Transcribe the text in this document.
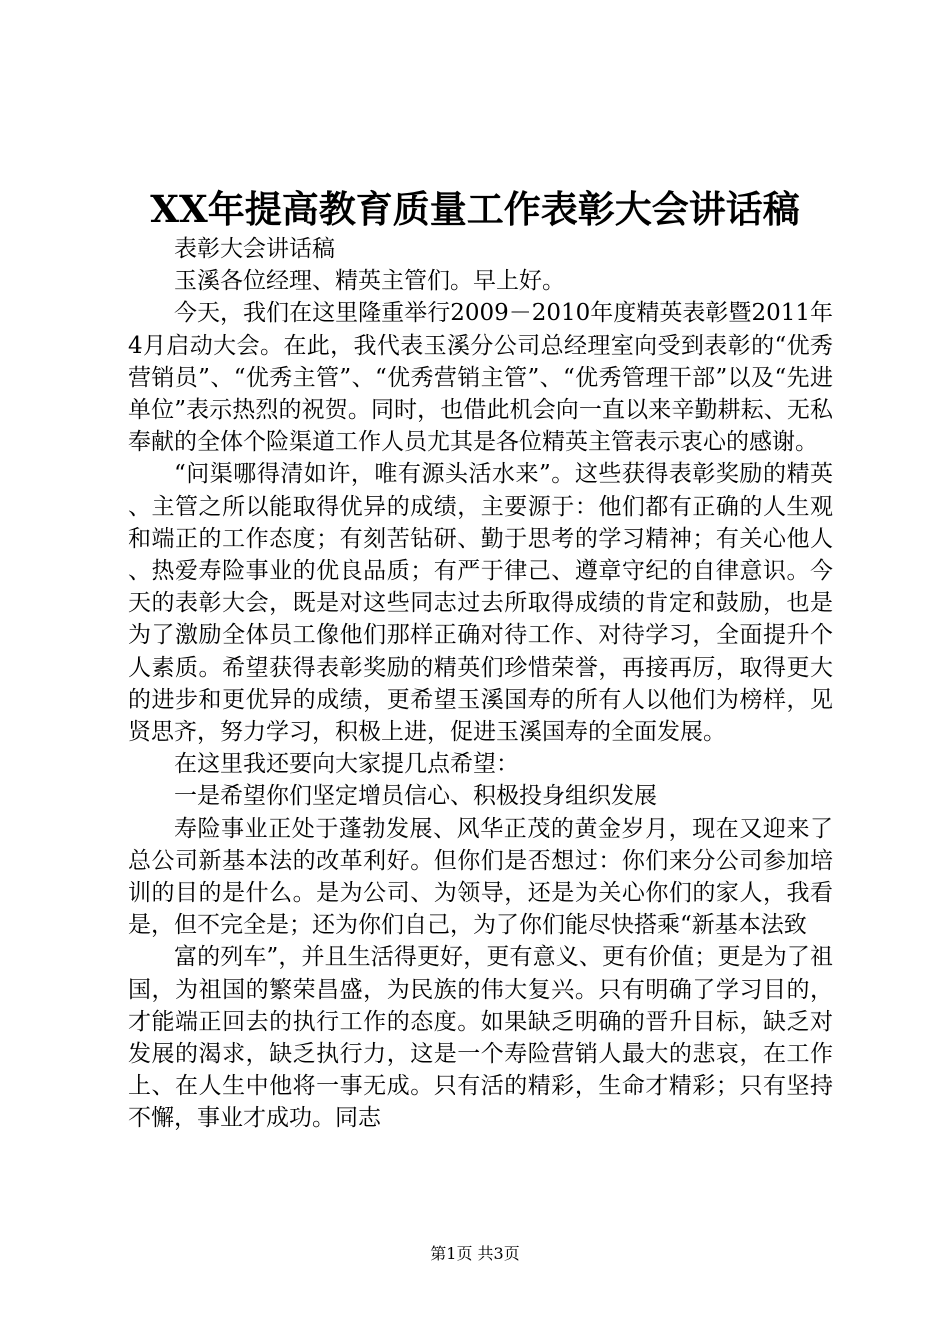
XX年提高教育质量工作表彰大会讲话稿

表彰大会讲话稿

玉溪各位经理、精英主管们。早上好。

今天，我们在这里隆重举行2009－2010年度精英表彰暨2011年4月启动大会。在此，我代表玉溪分公司总经理室向受到表彰的“优秀营销员”、“优秀主管”、“优秀营销主管”、“优秀管理干部”以及“先进单位”表示热烈的祝贺。同时，也借此机会向一直以来辛勤耕耘、无私奉献的全体个险渠道工作人员尤其是各位精英主管表示衷心的感谢。

“问渠哪得清如许，唯有源头活水来”。这些获得表彰奖励的精英、主管之所以能取得优异的成绩，主要源于：他们都有正确的人生观和端正的工作态度；有刻苦钻研、勤于思考的学习精神；有关心他人、热爱寿险事业的优良品质；有严于律己、遵章守纪的自律意识。今天的表彰大会，既是对这些同志过去所取得成绩的肯定和鼓励，也是为了激励全体员工像他们那样正确对待工作、对待学习，全面提升个人素质。希望获得表彰奖励的精英们珍惜荣誉，再接再厉，取得更大的进步和更优异的成绩，更希望玉溪国寿的所有人以他们为榜样，见贤思齐，努力学习，积极上进，促进玉溪国寿的全面发展。

在这里我还要向大家提几点希望：

一是希望你们坚定增员信心、积极投身组织发展

寿险事业正处于蓬勃发展、风华正茂的黄金岁月，现在又迎来了总公司新基本法的改革利好。但你们是否想过：你们来分公司参加培训的目的是什么。是为公司、为领导，还是为关心你们的家人，我看是，但不完全是；还为你们自己，为了你们能尽快搭乘“新基本法致

富的列车”，并且生活得更好，更有意义、更有价值；更是为了祖国，为祖国的繁荣昌盛，为民族的伟大复兴。只有明确了学习目的，才能端正回去的执行工作的态度。如果缺乏明确的晋升目标，缺乏对发展的渴求，缺乏执行力，这是一个寿险营销人最大的悲哀，在工作上、在人生中他将一事无成。只有活的精彩，生命才精彩；只有坚持不懈，事业才成功。同志

第1页 共3页
